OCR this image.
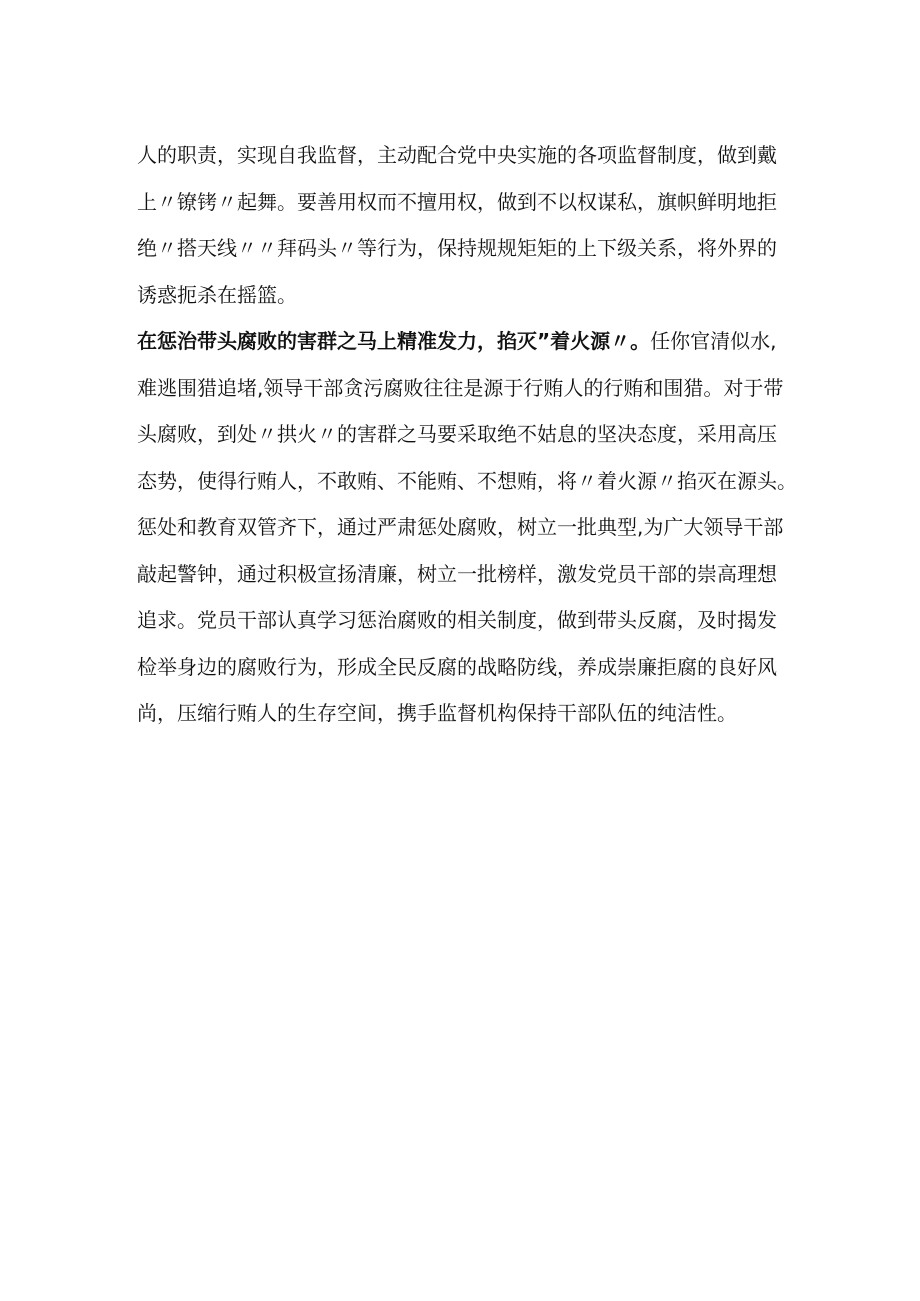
人的职责，实现自我监督，主动配合党中央实施的各项监督制度，做到戴
上〃镣铐〃起舞。要善用权而不擅用权，做到不以权谋私，旗帜鲜明地拒
绝〃搭天线〃〃拜码头〃等行为，保持规规矩矩的上下级关系，将外界的
诱惑扼杀在摇篮。
在惩治带头腐败的害群之马上精准发力，掐灭”着火源〃。任你官清似水,
难逃围猎追堵,领导干部贪污腐败往往是源于行贿人的行贿和围猎。对于带
头腐败，到处〃拱火〃的害群之马要采取绝不姑息的坚决态度，采用高压
态势，使得行贿人，不敢贿、不能贿、不想贿，将〃着火源〃掐灭在源头。
惩处和教育双管齐下，通过严肃惩处腐败，树立一批典型,为广大领导干部
敲起警钟，通过积极宣扬清廉，树立一批榜样，激发党员干部的崇高理想
追求。党员干部认真学习惩治腐败的相关制度，做到带头反腐，及时揭发
检举身边的腐败行为，形成全民反腐的战略防线，养成崇廉拒腐的良好风
尚，压缩行贿人的生存空间，携手监督机构保持干部队伍的纯洁性。
